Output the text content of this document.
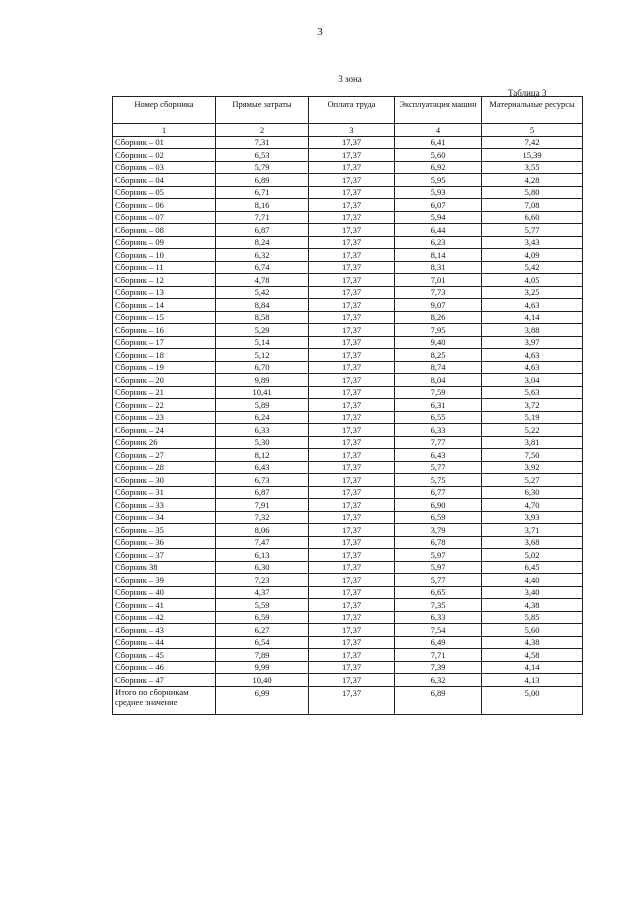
3
3 зона
Таблица 3
Номер сборника	Прямые затраты	Оплата труда	Эксплуатация машин	Материальные ресурсы
1	2	3	4	5
Сборник – 01	7,31	17,37	6,41	7,42
Сборник – 02	6,53	17,37	5,60	15,39
Сборник – 03	5,79	17,37	6,92	3,55
Сборник – 04	6,89	17,37	5,95	4,28
Сборник – 05	6,71	17,37	5,93	5,80
Сборник – 06	8,16	17,37	6,07	7,08
Сборник – 07	7,71	17,37	5,94	6,60
Сборник – 08	6,87	17,37	6,44	5,77
Сборник – 09	8,24	17,37	6,23	3,43
Сборник – 10	6,32	17,37	8,14	4,09
Сборник – 11	6,74	17,37	8,31	5,42
Сборник – 12	4,78	17,37	7,01	4,05
Сборник – 13	5,42	17,37	7,73	3,25
Сборник – 14	8,84	17,37	9,07	4,63
Сборник – 15	8,58	17,37	8,26	4,14
Сборник – 16	5,29	17,37	7,95	3,88
Сборник – 17	5,14	17,37	9,40	3,97
Сборник – 18	5,12	17,37	8,25	4,63
Сборник – 19	6,70	17,37	8,74	4,63
Сборник – 20	9,89	17,37	8,04	3,04
Сборник – 21	10,41	17,37	7,59	5,63
Сборник – 22	5,89	17,37	6,31	3,72
Сборник – 23	6,24	17,37	6,55	5,19
Сборник – 24	6,33	17,37	6,33	5,22
Сборник 26	5,30	17,37	7,77	3,81
Сборник – 27	8,12	17,37	6,43	7,50
Сборник – 28	6,43	17,37	5,77	3,92
Сборник – 30	6,73	17,37	5,75	5,27
Сборник – 31	6,87	17,37	6,77	6,30
Сборник – 33	7,91	17,37	6,90	4,70
Сборник – 34	7,32	17,37	6,59	3,93
Сборник – 35	8,06	17,37	3,79	3,71
Сборник – 36	7,47	17,37	6,78	3,68
Сборник – 37	6,13	17,37	5,97	5,02
Сборник 38	6,30	17,37	5,97	6,45
Сборник – 39	7,23	17,37	5,77	4,40
Сборник – 40	4,37	17,37	6,65	3,40
Сборник – 41	5,59	17,37	7,35	4,38
Сборник – 42	6,59	17,37	6,33	5,85
Сборник – 43	6,27	17,37	7,54	5,60
Сборник – 44	6,54	17,37	6,49	4,38
Сборник – 45	7,89	17,37	7,71	4,58
Сборник – 46	9,99	17,37	7,39	4,14
Сборник – 47	10,40	17,37	6,32	4,13
Итого по сборникам среднее значение	6,99	17,37	6,89	5,00
